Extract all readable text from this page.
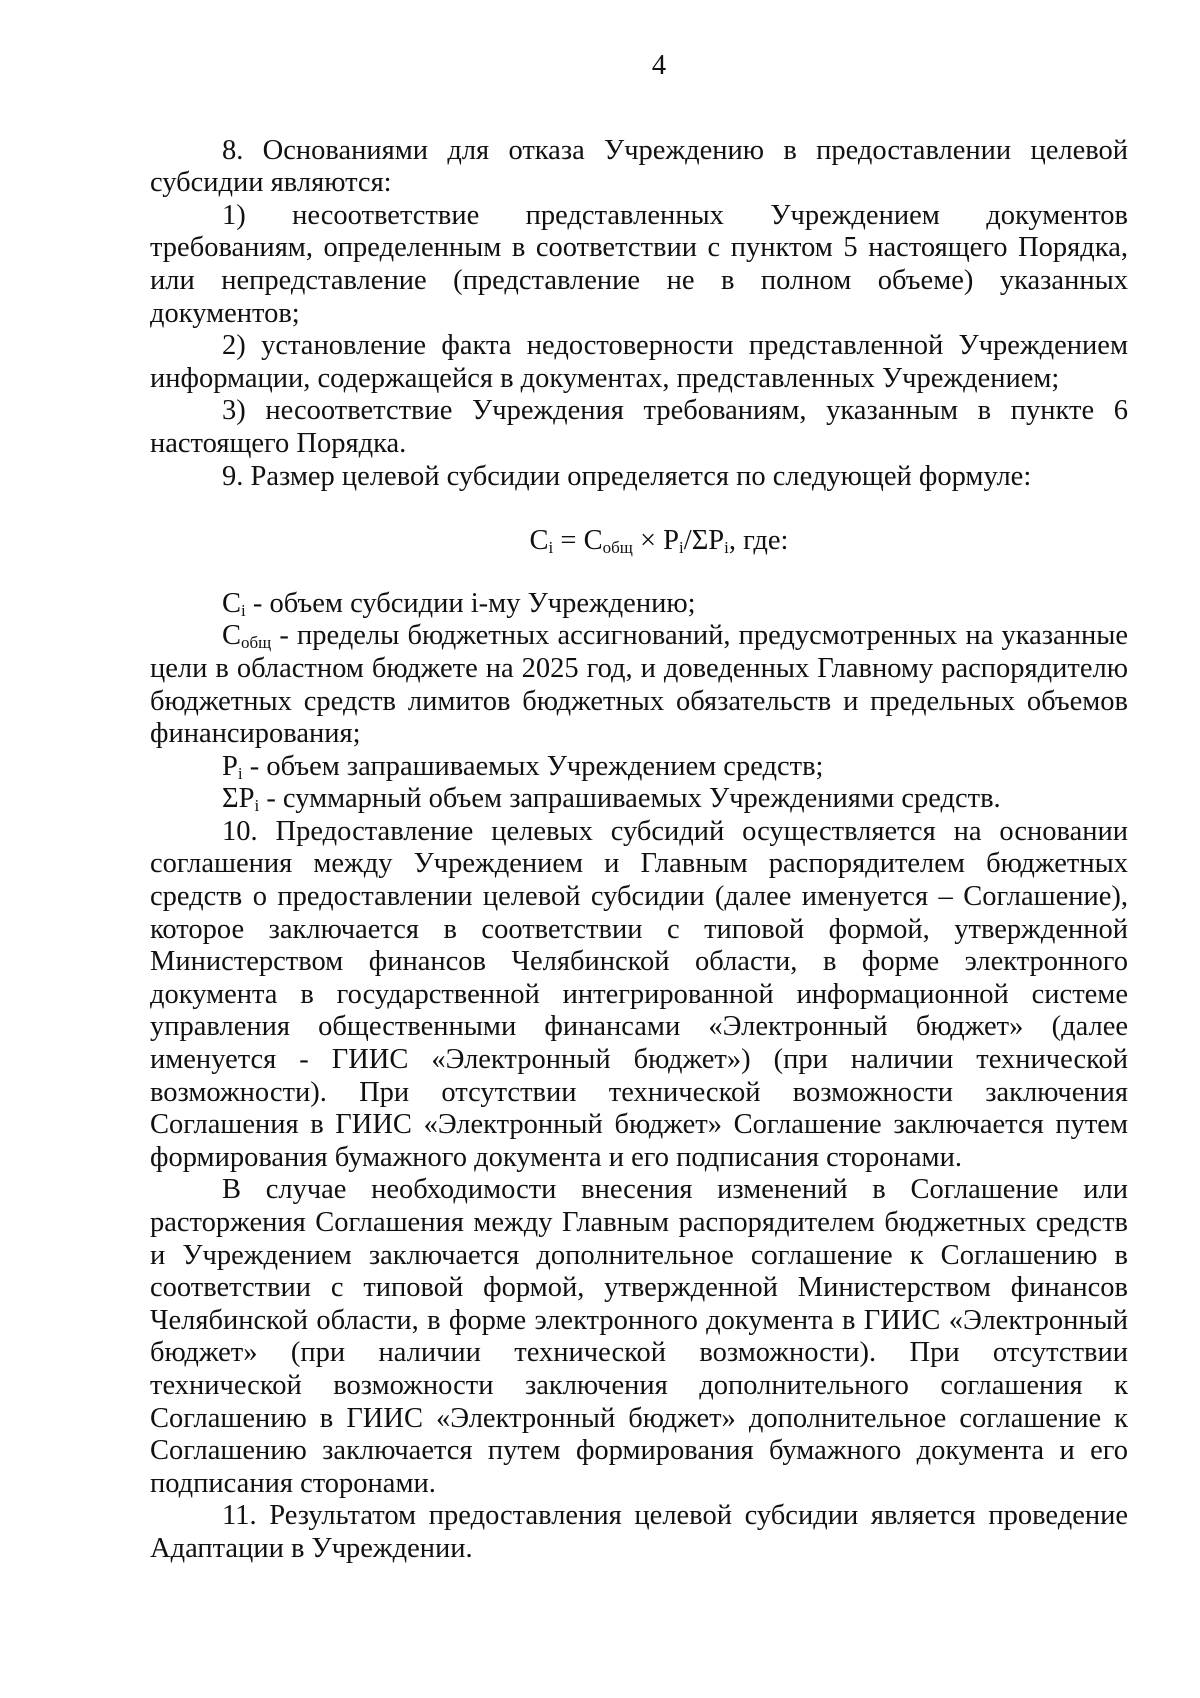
4

8. Основаниями для отказа Учреждению в предоставлении целевой субсидии являются:

1) несоответствие представленных Учреждением документов требованиям, определенным в соответствии с пунктом 5 настоящего Порядка, или непредставление (представление не в полном объеме) указанных документов;

2) установление факта недостоверности представленной Учреждением информации, содержащейся в документах, представленных Учреждением;

3) несоответствие Учреждения требованиям, указанным в пункте 6 настоящего Порядка.

9. Размер целевой субсидии определяется по следующей формуле:

$C_i = C_{общ} \times P_i/\Sigma P_i$, где:

$C_i$ - объем субсидии i-му Учреждению;

$C_{общ}$ - пределы бюджетных ассигнований, предусмотренных на указанные цели в областном бюджете на 2025 год, и доведенных Главному распорядителю бюджетных средств лимитов бюджетных обязательств и предельных объемов финансирования;

$P_i$ - объем запрашиваемых Учреждением средств;

$\Sigma P_i$ - суммарный объем запрашиваемых Учреждениями средств.

10. Предоставление целевых субсидий осуществляется на основании соглашения между Учреждением и Главным распорядителем бюджетных средств о предоставлении целевой субсидии (далее именуется – Соглашение), которое заключается в соответствии с типовой формой, утвержденной Министерством финансов Челябинской области, в форме электронного документа в государственной интегрированной информационной системе управления общественными финансами «Электронный бюджет» (далее именуется - ГИИС «Электронный бюджет») (при наличии технической возможности). При отсутствии технической возможности заключения Соглашения в ГИИС «Электронный бюджет» Соглашение заключается путем формирования бумажного документа и его подписания сторонами.

В случае необходимости внесения изменений в Соглашение или расторжения Соглашения между Главным распорядителем бюджетных средств и Учреждением заключается дополнительное соглашение к Соглашению в соответствии с типовой формой, утвержденной Министерством финансов Челябинской области, в форме электронного документа в ГИИС «Электронный бюджет» (при наличии технической возможности). При отсутствии технической возможности заключения дополнительного соглашения к Соглашению в ГИИС «Электронный бюджет» дополнительное соглашение к Соглашению заключается путем формирования бумажного документа и его подписания сторонами.

11. Результатом предоставления целевой субсидии является проведение Адаптации в Учреждении.
